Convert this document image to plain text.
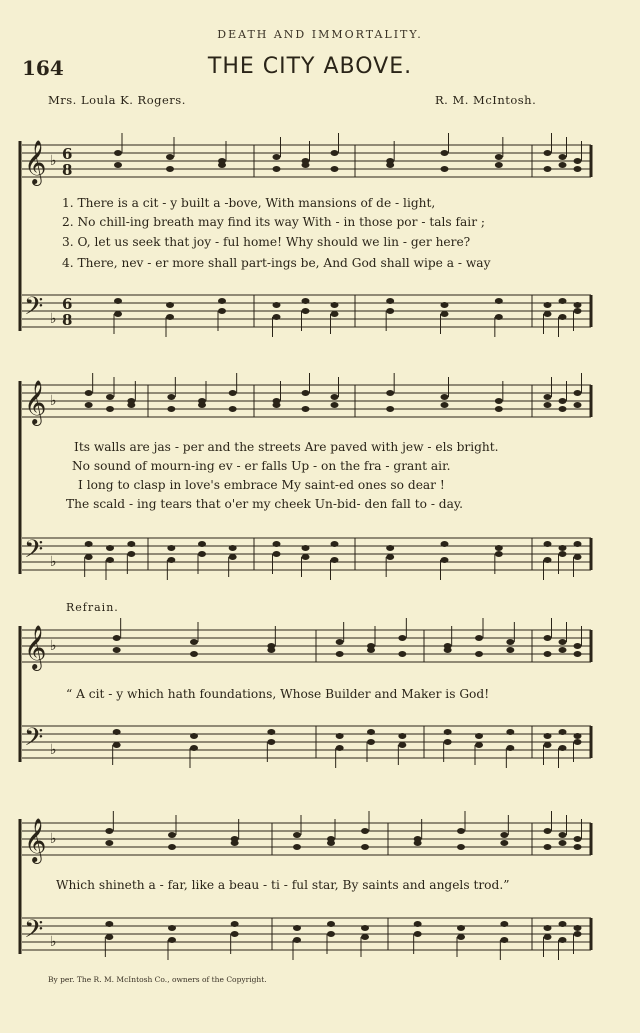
DEATH AND IMMORTALITY.
164	THE CITY ABOVE.
Mrs. Loula K. Rogers.	R. M. McIntosh.
𝄞
𝄢
♭
♭
6
8
6
8
𝄞
𝄢
♭
♭
𝄞
𝄢
♭
♭
𝄞
𝄢
♭
♭
1. There is a cit - y built a -bove, With mansions of de - light,
2. No chill-ing breath may find its way With - in those por - tals fair ;
3. O, let us seek that joy - ful home! Why should we lin - ger here?
4. There, nev - er more shall part-ings be, And God shall wipe a - way
Its walls are jas - per and the streets Are paved with jew - els bright.
No sound of mourn-ing ev - er falls Up - on the fra - grant air.
I long to clasp in love's embrace My saint-ed ones so dear !
The scald - ing tears that o'er my cheek Un-bid- den fall to - day.
Refrain.
“ A cit - y which hath foundations, Whose Builder and Maker is God!
Which shineth a - far, like a beau - ti - ful star, By saints and angels trod.”
By per. The R. M. McIntosh Co., owners of the Copyright.
